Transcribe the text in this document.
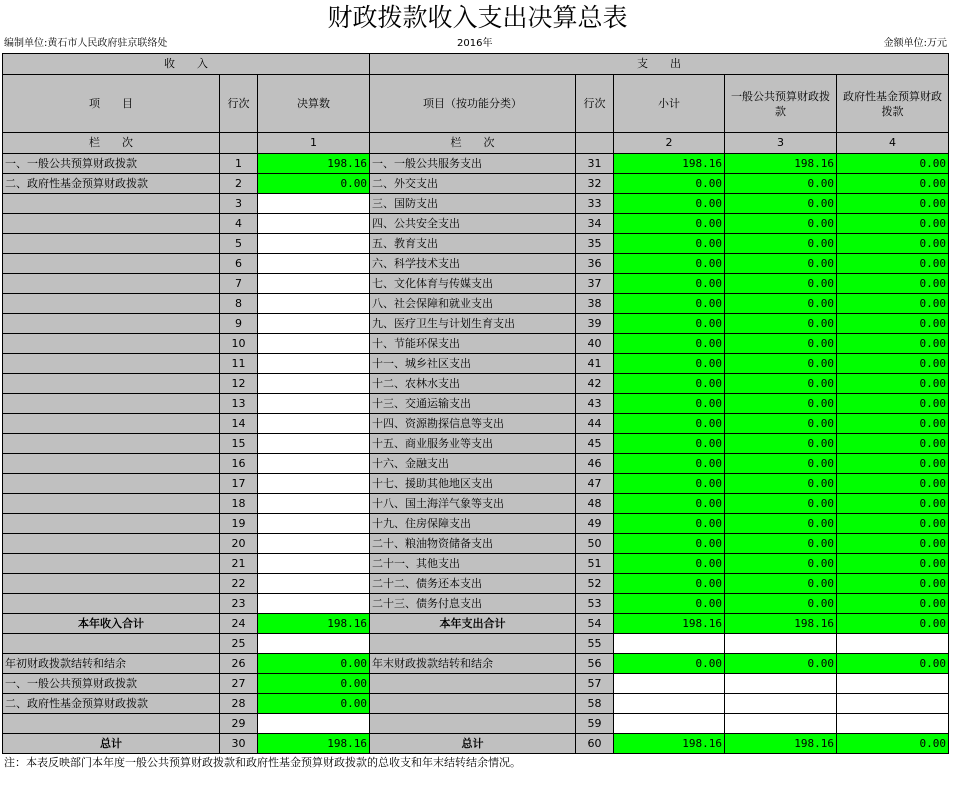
财政拨款收入支出决算总表
编制单位:黄石市人民政府驻京联络处	2016年	金额单位:万元
收　　入			支　　出				
项　　目	行次	决算数	项目（按功能分类）	行次	小计	一般公共预算财政拨款	政府性基金预算财政拨款
栏　　次		1	栏　　次		2	3	4
一、一般公共预算财政拨款	1	198.16	一、一般公共服务支出	31	198.16	198.16	0.00
二、政府性基金预算财政拨款	2	0.00	二、外交支出	32	0.00	0.00	0.00
	3		三、国防支出	33	0.00	0.00	0.00
	4		四、公共安全支出	34	0.00	0.00	0.00
	5		五、教育支出	35	0.00	0.00	0.00
	6		六、科学技术支出	36	0.00	0.00	0.00
	7		七、文化体育与传媒支出	37	0.00	0.00	0.00
	8		八、社会保障和就业支出	38	0.00	0.00	0.00
	9		九、医疗卫生与计划生育支出	39	0.00	0.00	0.00
	10		十、节能环保支出	40	0.00	0.00	0.00
	11		十一、城乡社区支出	41	0.00	0.00	0.00
	12		十二、农林水支出	42	0.00	0.00	0.00
	13		十三、交通运输支出	43	0.00	0.00	0.00
	14		十四、资源勘探信息等支出	44	0.00	0.00	0.00
	15		十五、商业服务业等支出	45	0.00	0.00	0.00
	16		十六、金融支出	46	0.00	0.00	0.00
	17		十七、援助其他地区支出	47	0.00	0.00	0.00
	18		十八、国土海洋气象等支出	48	0.00	0.00	0.00
	19		十九、住房保障支出	49	0.00	0.00	0.00
	20		二十、粮油物资储备支出	50	0.00	0.00	0.00
	21		二十一、其他支出	51	0.00	0.00	0.00
	22		二十二、债务还本支出	52	0.00	0.00	0.00
	23		二十三、债务付息支出	53	0.00	0.00	0.00
本年收入合计	24	198.16	本年支出合计	54	198.16	198.16	0.00
	25			55			
年初财政拨款结转和结余	26	0.00	年末财政拨款结转和结余	56	0.00	0.00	0.00
一、一般公共预算财政拨款	27	0.00		57			
二、政府性基金预算财政拨款	28	0.00		58			
	29			59			
总计	30	198.16	总计	60	198.16	198.16	0.00
注：本表反映部门本年度一般公共预算财政拨款和政府性基金预算财政拨款的总收支和年末结转结余情况。
